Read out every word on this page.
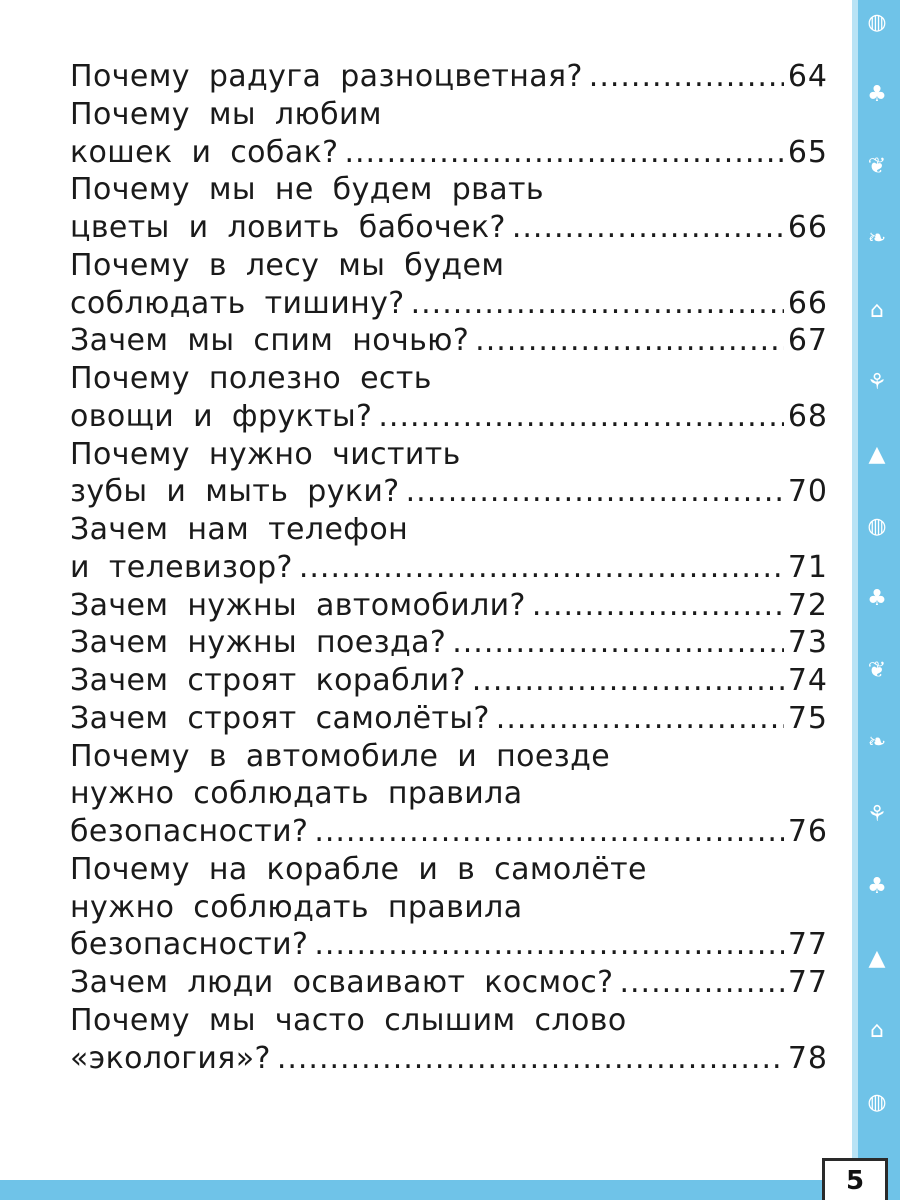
◍
♣
❦
❧
⌂
⚘
▲
◍
♣
❦
❧
⚘
♣
▲
⌂
◍
Почему радуга разноцветная? .....	64
Почему мы любим
кошек и собак? .....	65
Почему мы не будем рвать
цветы и ловить бабочек? .....	66
Почему в лесу мы будем
соблюдать тишину? .....	66
Зачем мы спим ночью? .....	67
Почему полезно есть
овощи и фрукты? .....	68
Почему нужно чистить
зубы и мыть руки? .....	70
Зачем нам телефон
и телевизор? .....	71
Зачем нужны автомобили? .....	72
Зачем нужны поезда? .....	73
Зачем строят корабли? .....	74
Зачем строят самолёты? .....	75
Почему в автомобиле и поезде
нужно соблюдать правила
безопасности? .....	76
Почему на корабле и в самолёте
нужно соблюдать правила
безопасности? .....	77
Зачем люди осваивают космос? .....	77
Почему мы часто слышим слово
«экология»? .....	78
5
